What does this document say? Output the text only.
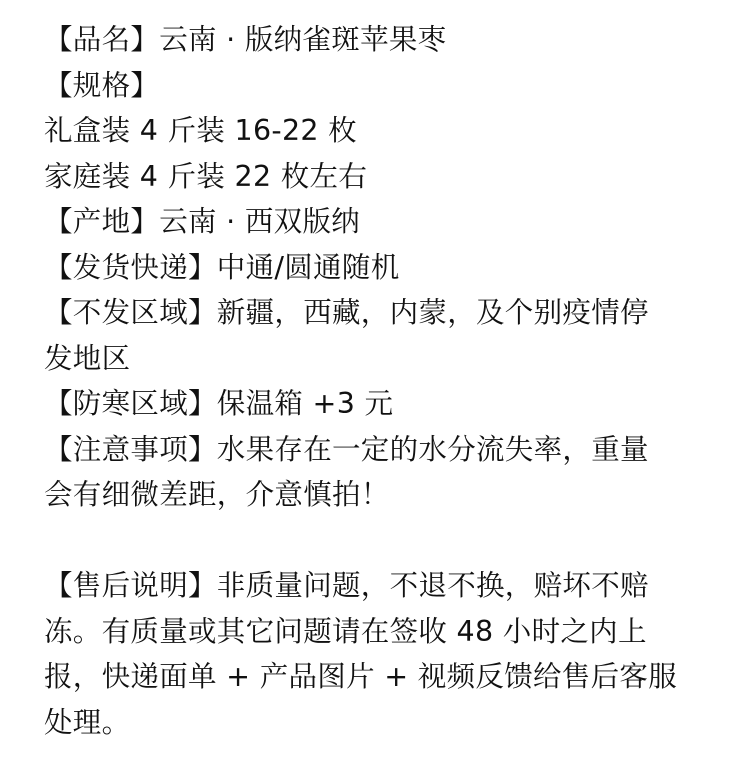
【品名】云南 · 版纳雀斑苹果枣
【规格】
礼盒装 4 斤装 16-22 枚
家庭装 4 斤装 22 枚左右
【产地】云南 · 西双版纳
【发货快递】中通/圆通随机
【不发区域】新疆，西藏，内蒙，及个别疫情停
发地区
【防寒区域】保温箱 +3 元
【注意事项】水果存在一定的水分流失率，重量
会有细微差距，介意慎拍！
【售后说明】非质量问题，不退不换，赔坏不赔
冻。有质量或其它问题请在签收 48 小时之内上
报，快递面单 + 产品图片 + 视频反馈给售后客服
处理。
